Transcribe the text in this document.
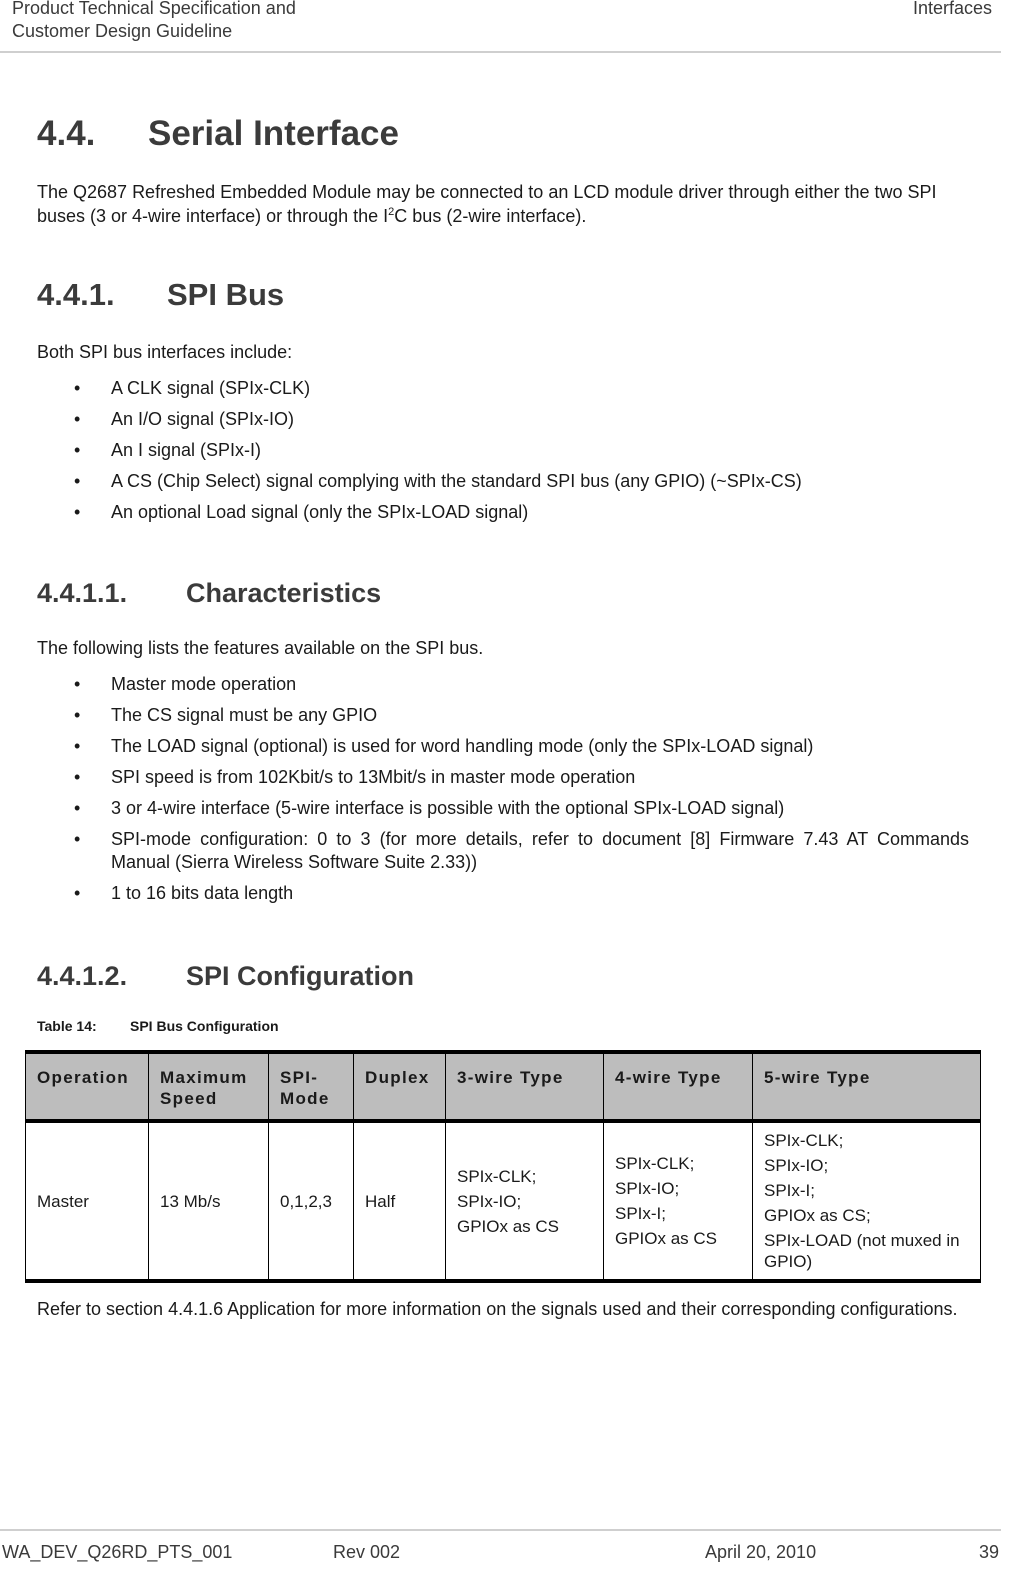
Product Technical Specification and
Customer Design Guideline
Interfaces
4.4. Serial Interface
The Q2687 Refreshed Embedded Module may be connected to an LCD module driver through either the two SPI buses (3 or 4-wire interface) or through the $I^2C$ bus (2-wire interface).
4.4.1. SPI Bus
Both SPI bus interfaces include:
• A CLK signal (SPIx-CLK)
• An I/O signal (SPIx-IO)
• An I signal (SPIx-I)
• A CS (Chip Select) signal complying with the standard SPI bus (any GPIO) (~SPIx-CS)
• An optional Load signal (only the SPIx-LOAD signal)
4.4.1.1. Characteristics
The following lists the features available on the SPI bus.
• Master mode operation
• The CS signal must be any GPIO
• The LOAD signal (optional) is used for word handling mode (only the SPIx-LOAD signal)
• SPI speed is from 102Kbit/s to 13Mbit/s in master mode operation
• 3 or 4-wire interface (5-wire interface is possible with the optional SPIx-LOAD signal)
• SPI-mode configuration: 0 to 3 (for more details, refer to document [8] Firmware 7.43 AT Commands Manual (Sierra Wireless Software Suite 2.33))
• 1 to 16 bits data length
4.4.1.2. SPI Configuration
Table 14: SPI Bus Configuration
Operation	Maximum Speed	SPI-Mode	Duplex	3-wire Type	4-wire Type	5-wire Type
Master	13 Mb/s	0,1,2,3	Half	SPIx-CLK;
SPIx-IO;
GPIOx as CS	SPIx-CLK;
SPIx-IO;
SPIx-I;
GPIOx as CS	SPIx-CLK;
SPIx-IO;
SPIx-I;
GPIOx as CS;
SPIx-LOAD (not muxed in GPIO)
Refer to section 4.4.1.6 Application for more information on the signals used and their corresponding configurations.
WA_DEV_Q26RD_PTS_001	Rev 002	April 20, 2010	39
